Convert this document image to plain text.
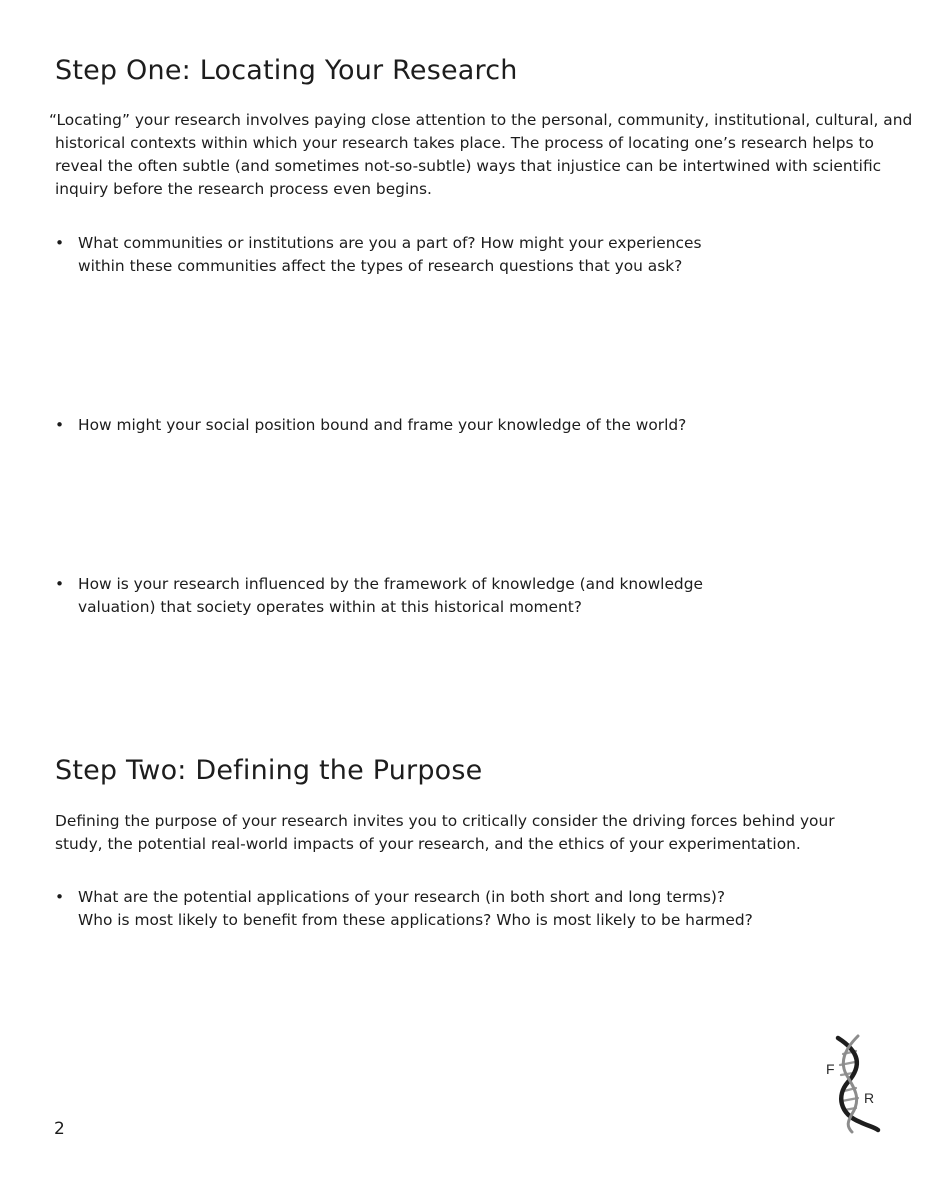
Step One: Locating Your Research
“Locating” your research involves paying close attention to the personal, community, institutional, cultural, and
historical contexts within which your research takes place. The process of locating one’s research helps to
reveal the often subtle (and sometimes not-so-subtle) ways that injustice can be intertwined with scientific
inquiry before the research process even begins.
• What communities or institutions are you a part of? How might your experiences
within these communities affect the types of research questions that you ask?
• How might your social position bound and frame your knowledge of the world?
• How is your research influenced by the framework of knowledge (and knowledge
valuation) that society operates within at this historical moment?
Step Two: Defining the Purpose
Defining the purpose of your research invites you to critically consider the driving forces behind your
study, the potential real-world impacts of your research, and the ethics of your experimentation.
• What are the potential applications of your research (in both short and long terms)?
Who is most likely to benefit from these applications? Who is most likely to be harmed?
2
F
R
